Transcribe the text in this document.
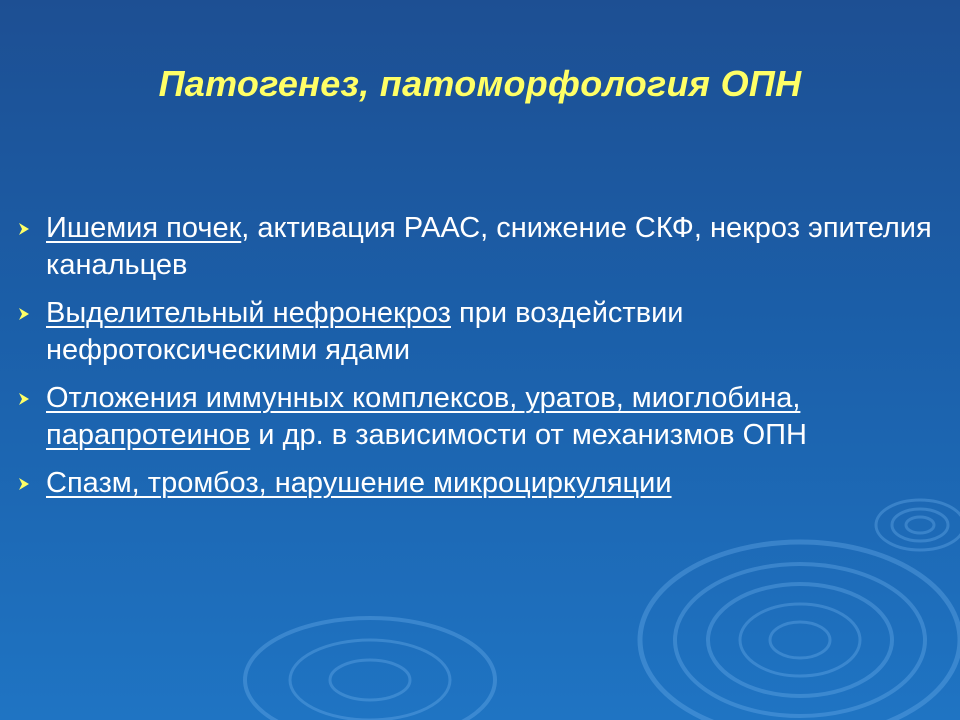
Патогенез, патоморфология ОПН
Ишемия почек, активация РААС, снижение СКФ, некроз эпителия канальцев
Выделительный нефронекроз при воздействии нефротоксическими ядами
Отложения иммунных комплексов, уратов, миоглобина, парапротеинов и др. в зависимости от механизмов ОПН
Спазм, тромбоз, нарушение микроциркуляции
